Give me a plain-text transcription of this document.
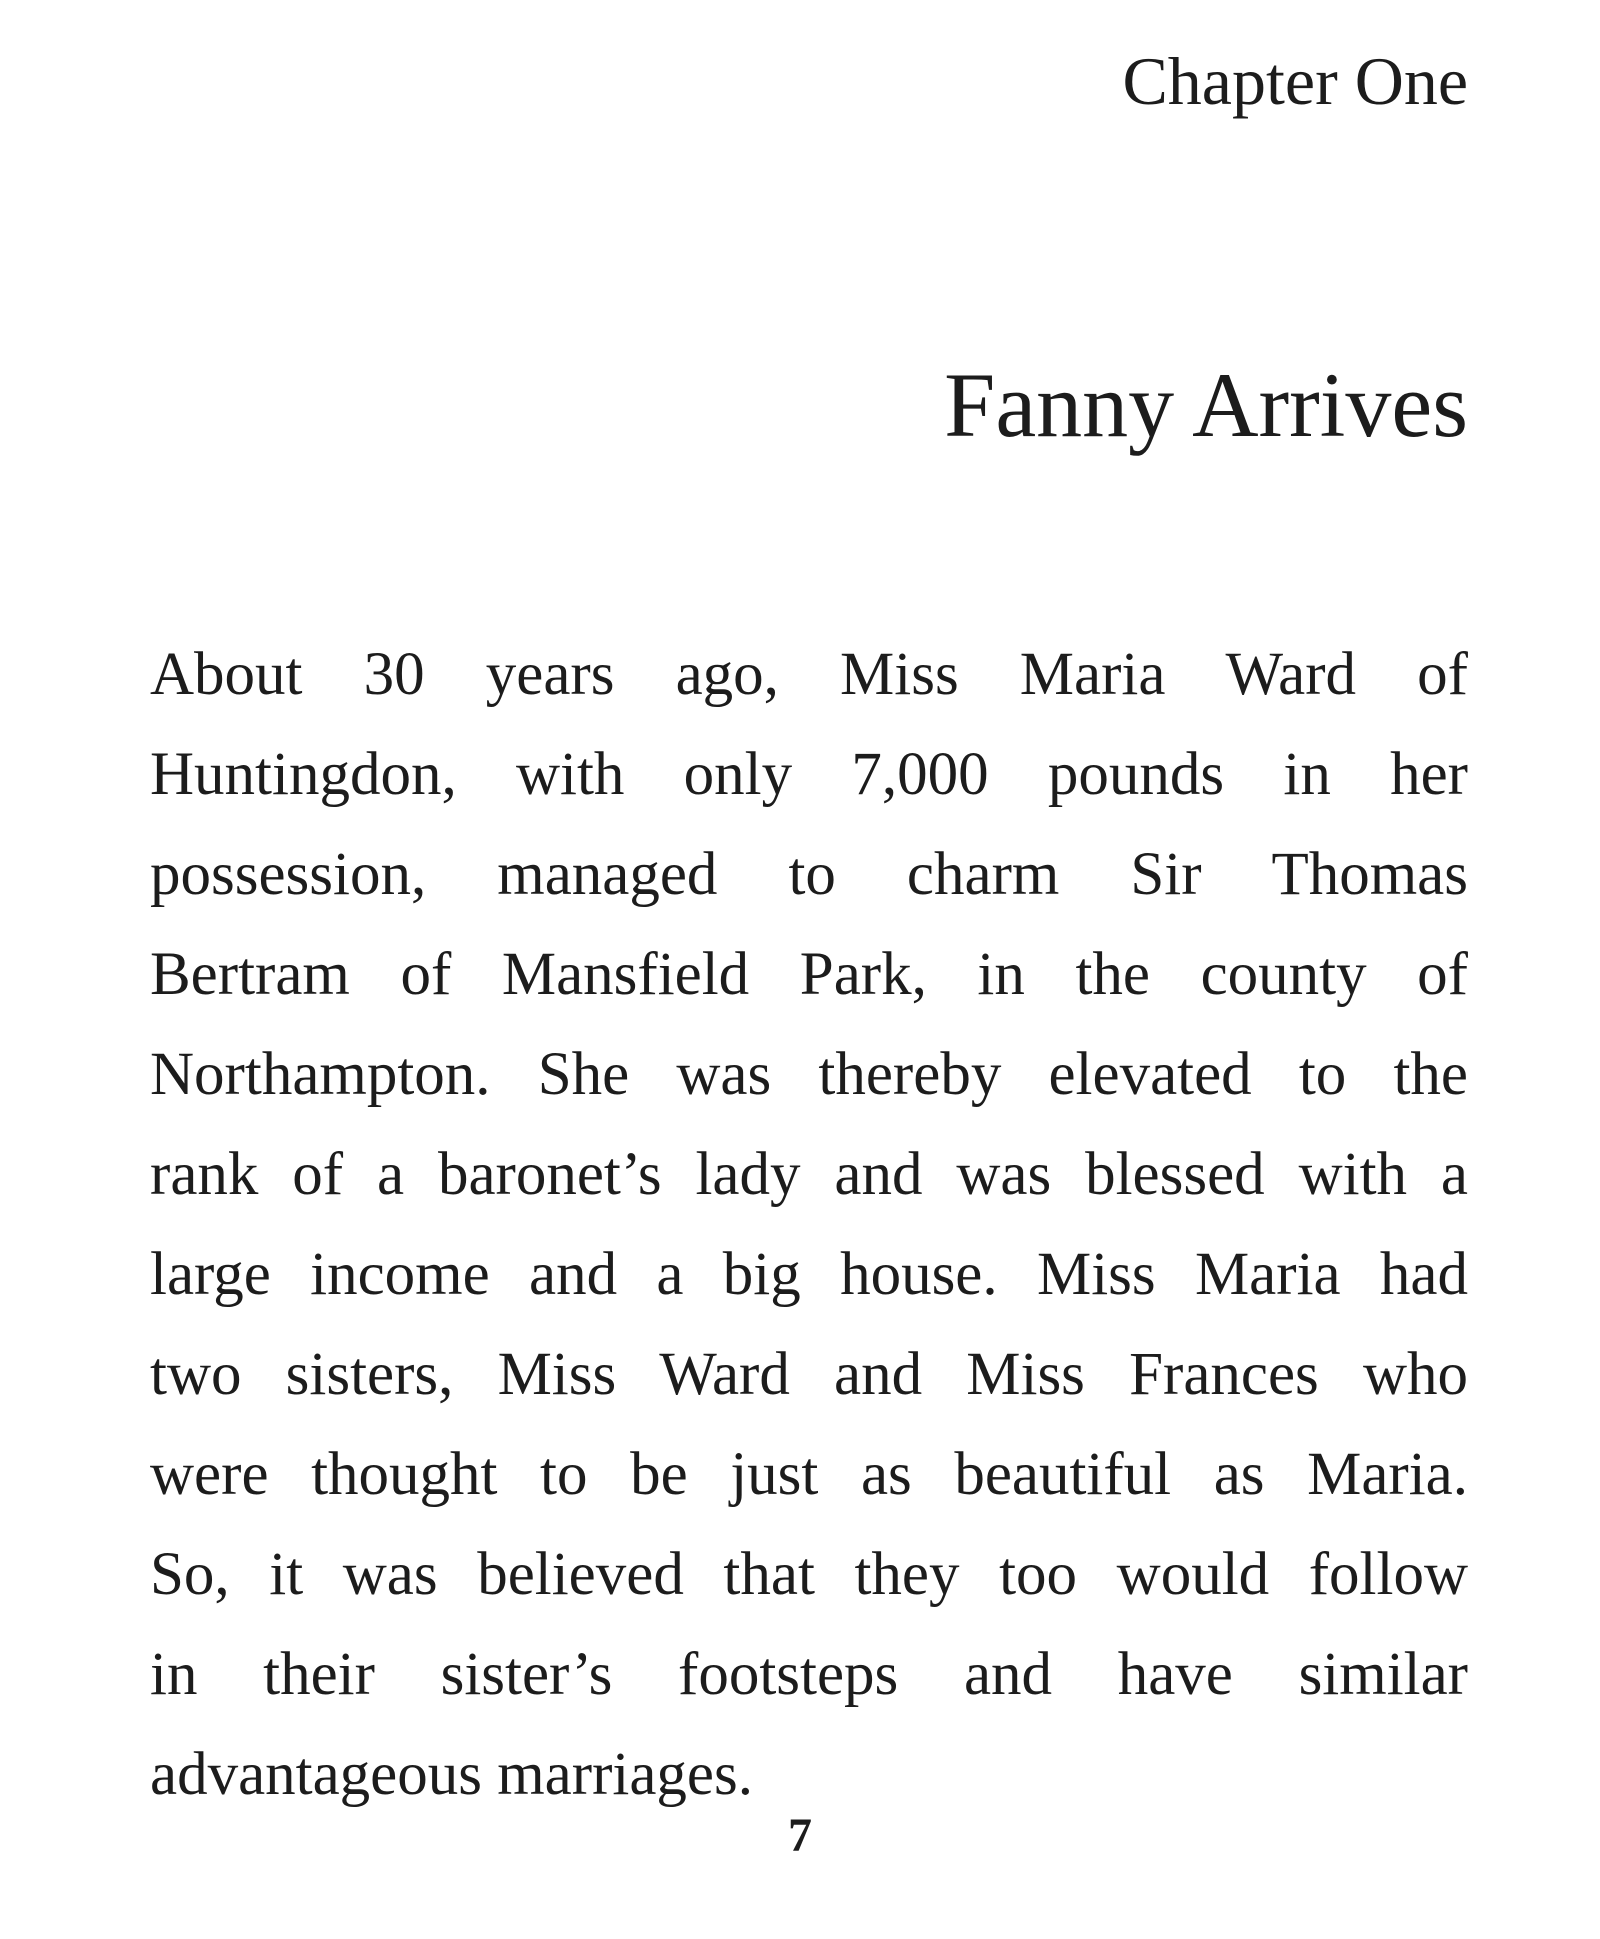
Chapter One
Fanny Arrives
About 30 years ago, Miss Maria Ward of
Huntingdon, with only 7,000 pounds in her
possession, managed to charm Sir Thomas
Bertram of Mansfield Park, in the county of
Northampton. She was thereby elevated to the
rank of a baronet’s lady and was blessed with a
large income and a big house. Miss Maria had
two sisters, Miss Ward and Miss Frances who
were thought to be just as beautiful as Maria.
So, it was believed that they too would follow
in their sister’s footsteps and have similar
advantageous marriages.
7
